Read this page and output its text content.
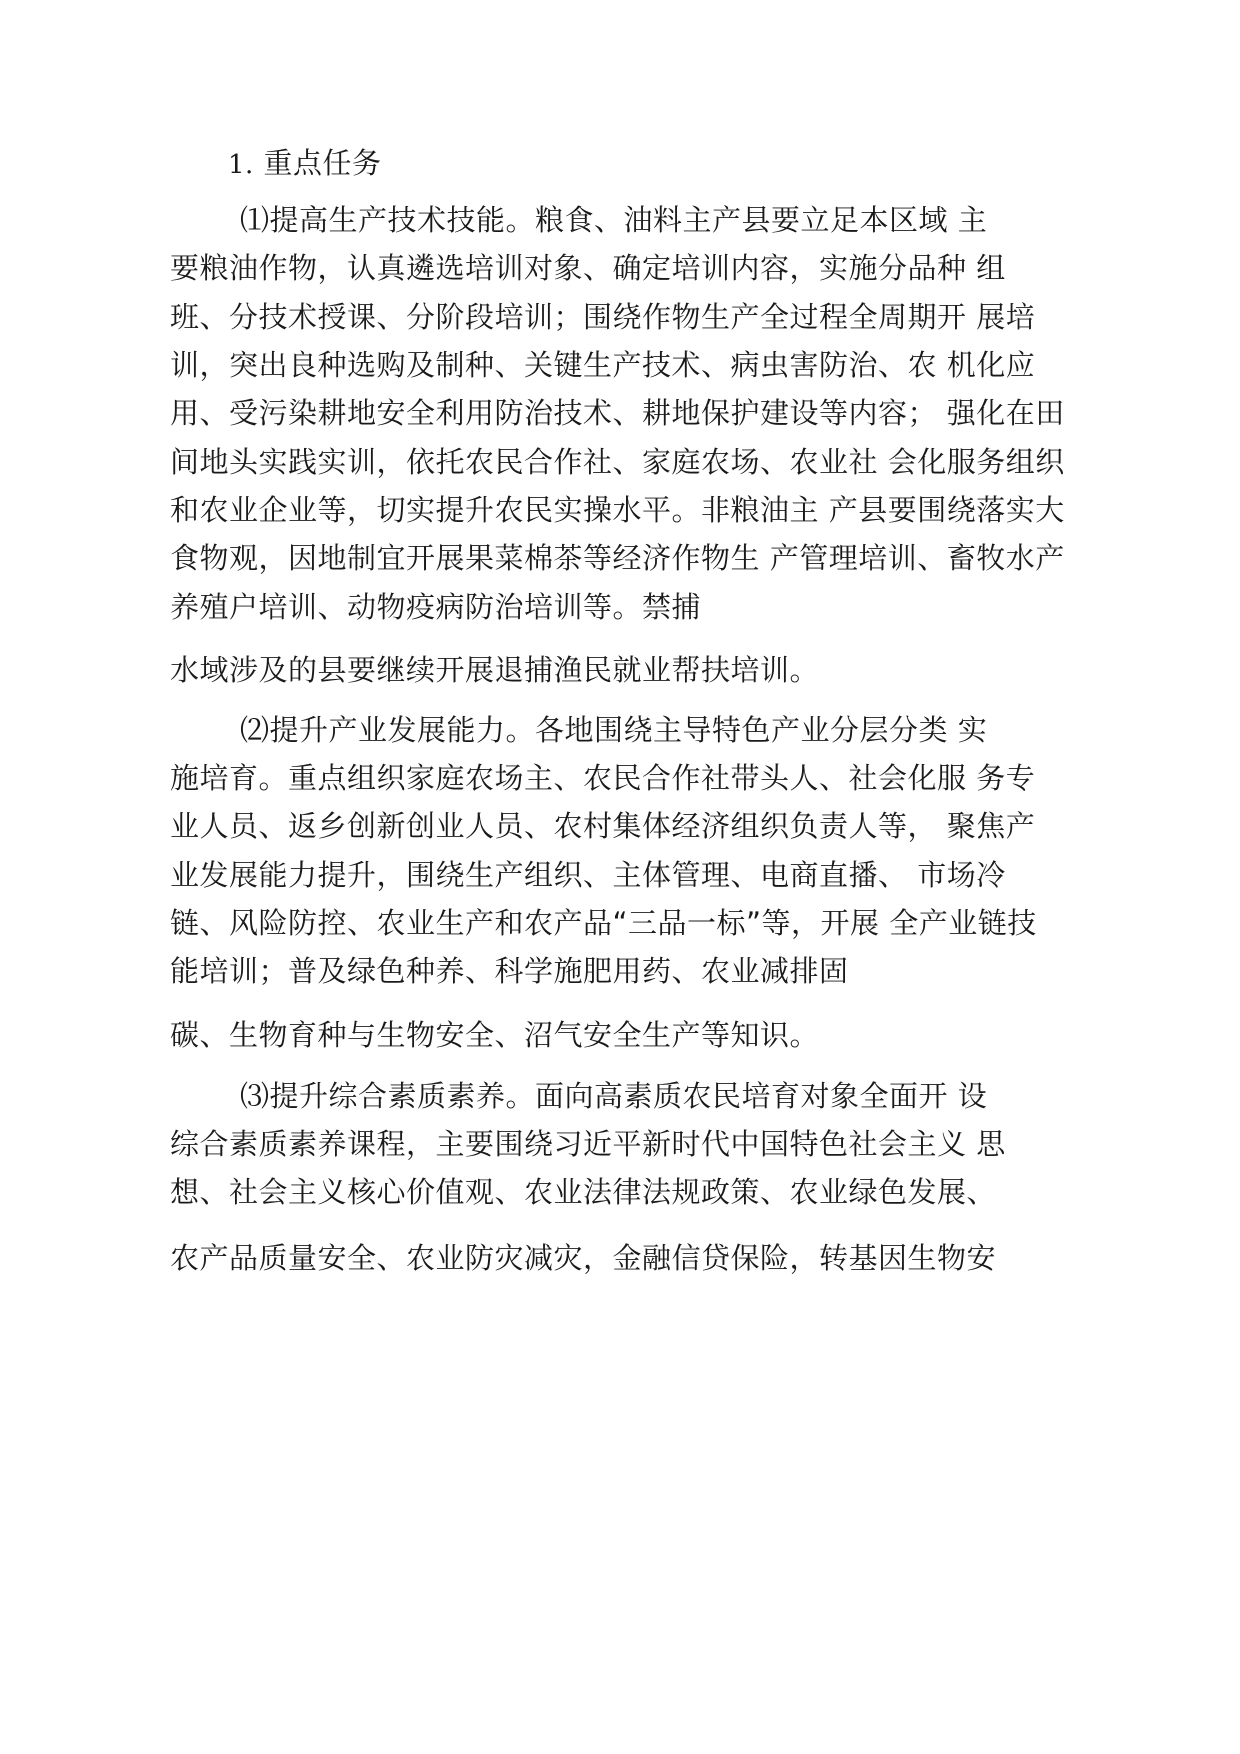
1. 重点任务
⑴提高生产技术技能。粮食、油料主产县要立足本区域 主
要粮油作物，认真遴选培训对象、确定培训内容，实施分品种 组
班、分技术授课、分阶段培训；围绕作物生产全过程全周期开 展培
训，突出良种选购及制种、关键生产技术、病虫害防治、农 机化应
用、受污染耕地安全利用防治技术、耕地保护建设等内容； 强化在田
间地头实践实训，依托农民合作社、家庭农场、农业社 会化服务组织
和农业企业等，切实提升农民实操水平。非粮油主 产县要围绕落实大
食物观，因地制宜开展果菜棉茶等经济作物生 产管理培训、畜牧水产
养殖户培训、动物疫病防治培训等。禁捕
水域涉及的县要继续开展退捕渔民就业帮扶培训。
⑵提升产业发展能力。各地围绕主导特色产业分层分类 实
施培育。重点组织家庭农场主、农民合作社带头人、社会化服 务专
业人员、返乡创新创业人员、农村集体经济组织负责人等， 聚焦产
业发展能力提升，围绕生产组织、主体管理、电商直播、 市场冷
链、风险防控、农业生产和农产品“三品一标”等，开展 全产业链技
能培训；普及绿色种养、科学施肥用药、农业减排固
碳、生物育种与生物安全、沼气安全生产等知识。
⑶提升综合素质素养。面向高素质农民培育对象全面开 设
综合素质素养课程，主要围绕习近平新时代中国特色社会主义 思
想、社会主义核心价值观、农业法律法规政策、农业绿色发展、
农产品质量安全、农业防灾减灾，金融信贷保险，转基因生物安
